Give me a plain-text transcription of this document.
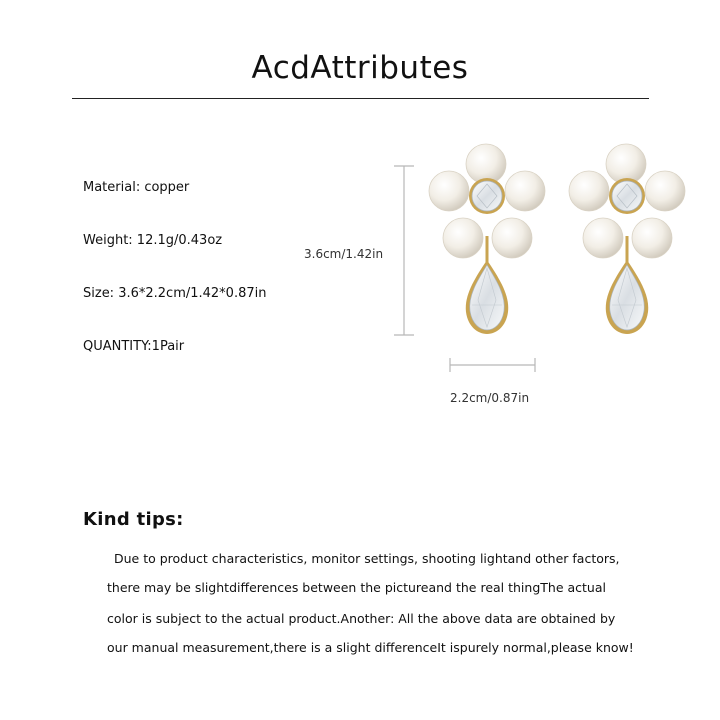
AcdAttributes
Material: copper
Weight: 12.1g/0.43oz
Size: 3.6*2.2cm/1.42*0.87in
QUANTITY:1Pair
3.6cm/1.42in
2.2cm/0.87in
Kind tips:
Due to product characteristics, monitor settings, shooting lightand other factors,
there may be slightdifferences between the pictureand the real thingThe actual
color is subject to the actual product.Another: All the above data are obtained by
our manual measurement,there is a slight differenceIt ispurely normal,please know!
